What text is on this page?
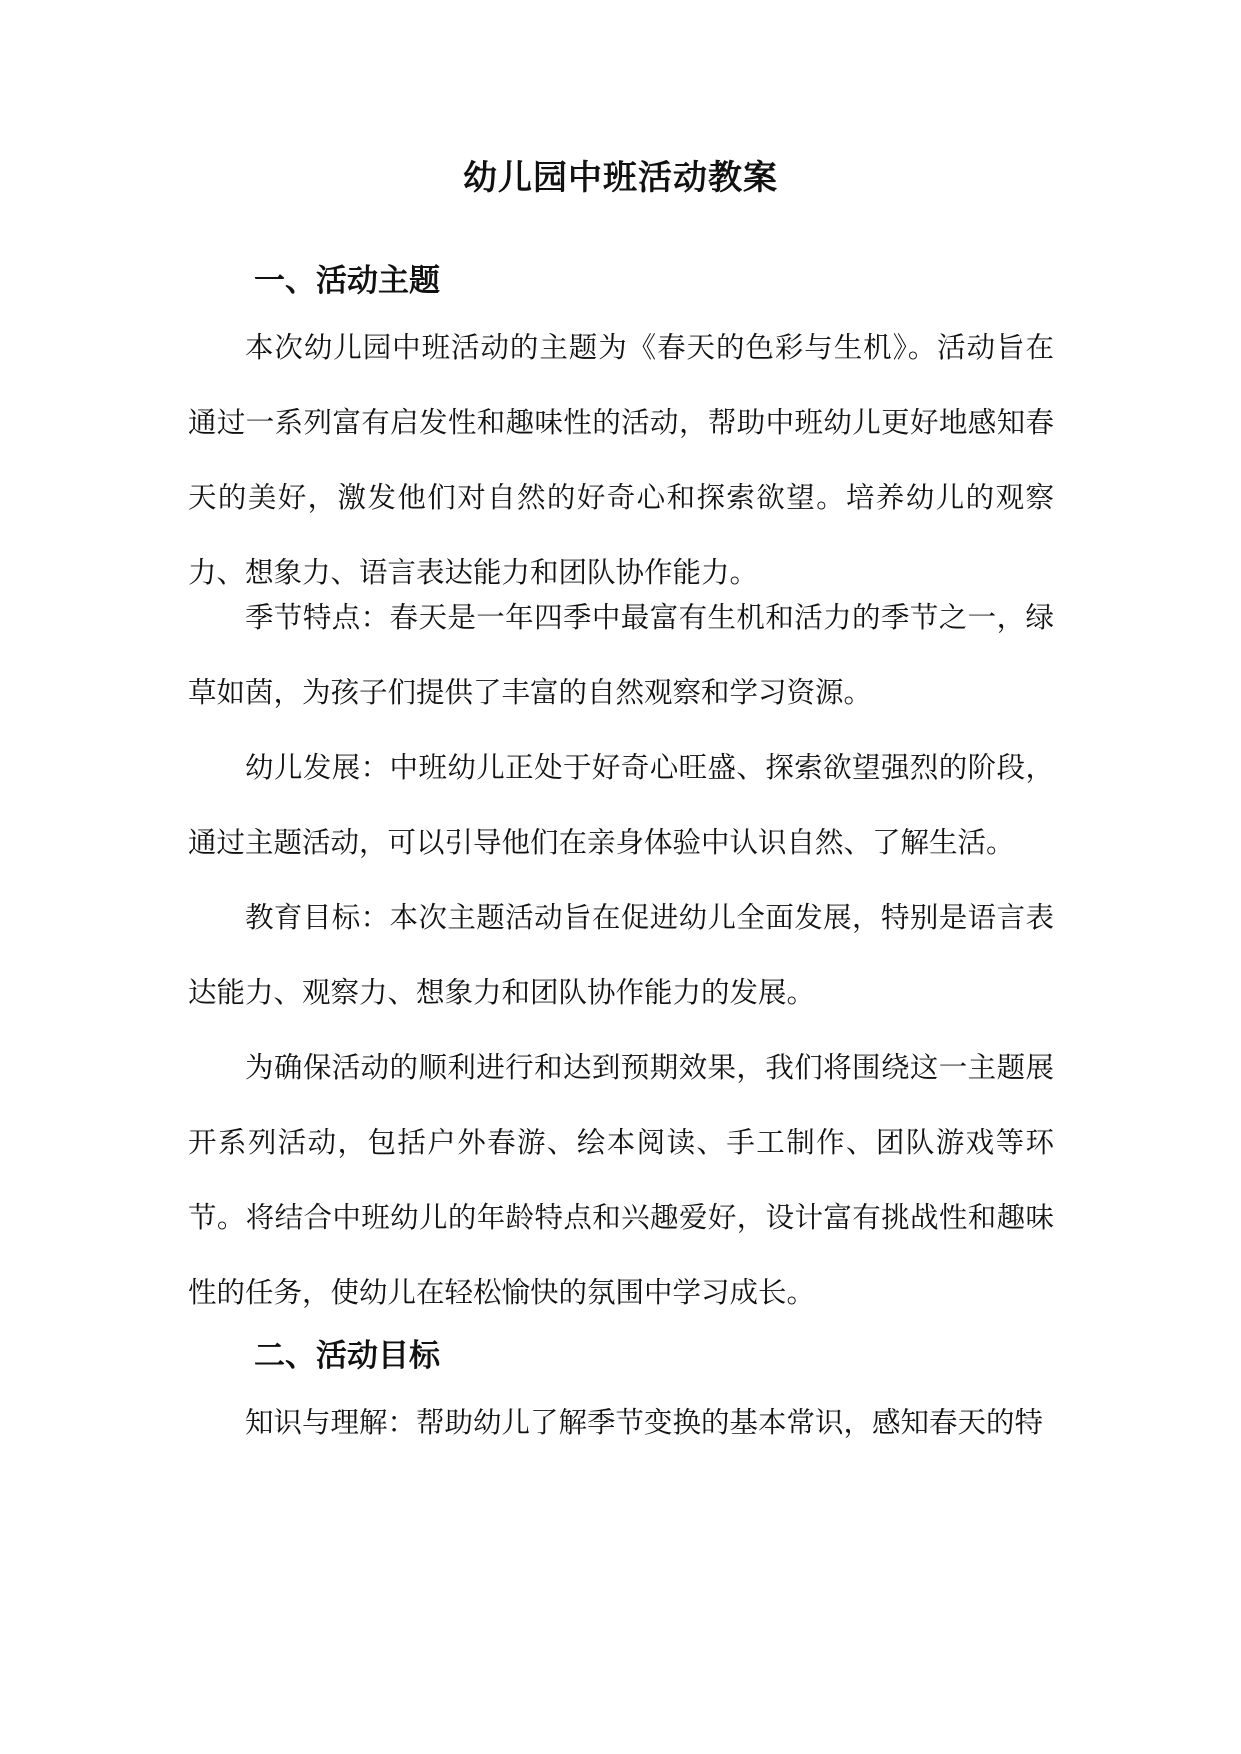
幼儿园中班活动教案
一、活动主题

本次幼儿园中班活动的主题为《春天的色彩与生机》。活动旨在通过一系列富有启发性和趣味性的活动，帮助中班幼儿更好地感知春天的美好，激发他们对自然的好奇心和探索欲望。培养幼儿的观察力、想象力、语言表达能力和团队协作能力。

季节特点：春天是一年四季中最富有生机和活力的季节之一，绿草如茵，为孩子们提供了丰富的自然观察和学习资源。

幼儿发展：中班幼儿正处于好奇心旺盛、探索欲望强烈的阶段，通过主题活动，可以引导他们在亲身体验中认识自然、了解生活。

教育目标：本次主题活动旨在促进幼儿全面发展，特别是语言表达能力、观察力、想象力和团队协作能力的发展。

为确保活动的顺利进行和达到预期效果，我们将围绕这一主题展开系列活动，包括户外春游、绘本阅读、手工制作、团队游戏等环节。将结合中班幼儿的年龄特点和兴趣爱好，设计富有挑战性和趣味性的任务，使幼儿在轻松愉快的氛围中学习成长。

二、活动目标

知识与理解：帮助幼儿了解季节变换的基本常识，感知春天的特
